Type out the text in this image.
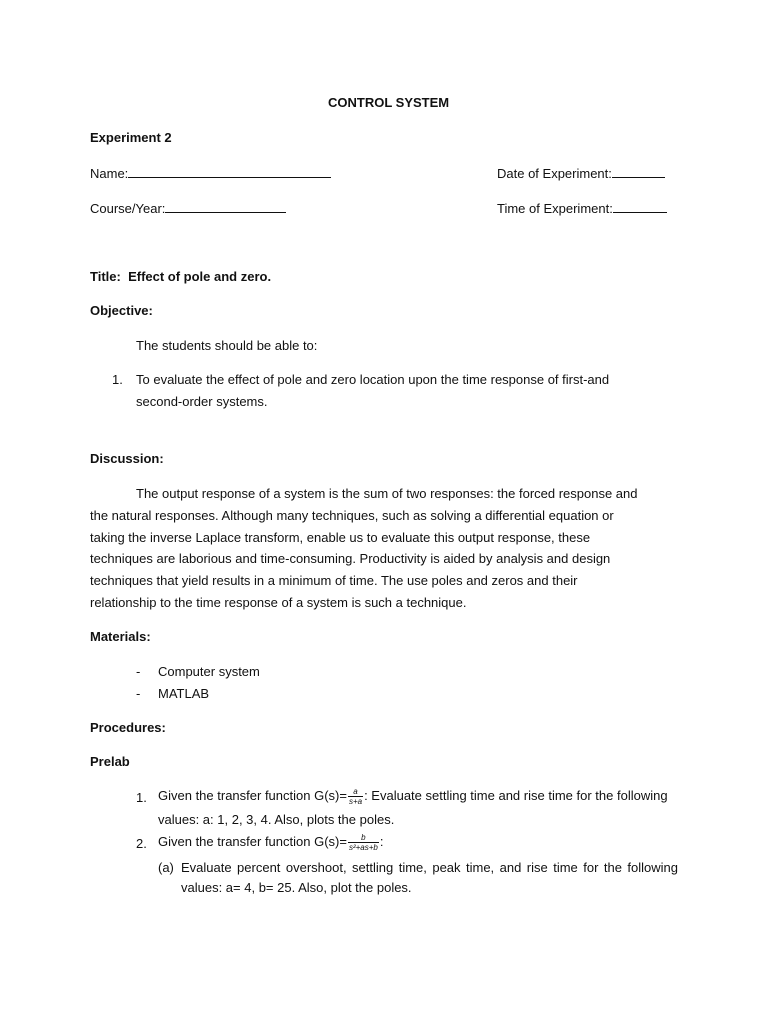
CONTROL SYSTEM
Experiment 2
Name:	Date of Experiment:
Course/Year:	Time of Experiment:
Title: Effect of pole and zero.
Objective:
The students should be able to:
1. To evaluate the effect of pole and zero location upon the time response of first-and
second-order systems.
Discussion:
The output response of a system is the sum of two responses: the forced response and
the natural responses. Although many techniques, such as solving a differential equation or
taking the inverse Laplace transform, enable us to evaluate this output response, these
techniques are laborious and time-consuming. Productivity is aided by analysis and design
techniques that yield results in a minimum of time. The use poles and zeros and their
relationship to the time response of a system is such a technique.
Materials:
- Computer system
- MATLAB
Procedures:
Prelab
1. Given the transfer function $G(s)= \frac{a}{s+a}$ : Evaluate settling time and rise time for the following
values: a: 1, 2, 3, 4. Also, plots the poles.
2. Given the transfer function $G(s)= \frac{b}{\text{s²+as+b}}$ :
(a) Evaluate percent overshoot, settling time, peak time, and rise time for the following
values: a= 4, b= 25. Also, plot the poles.
